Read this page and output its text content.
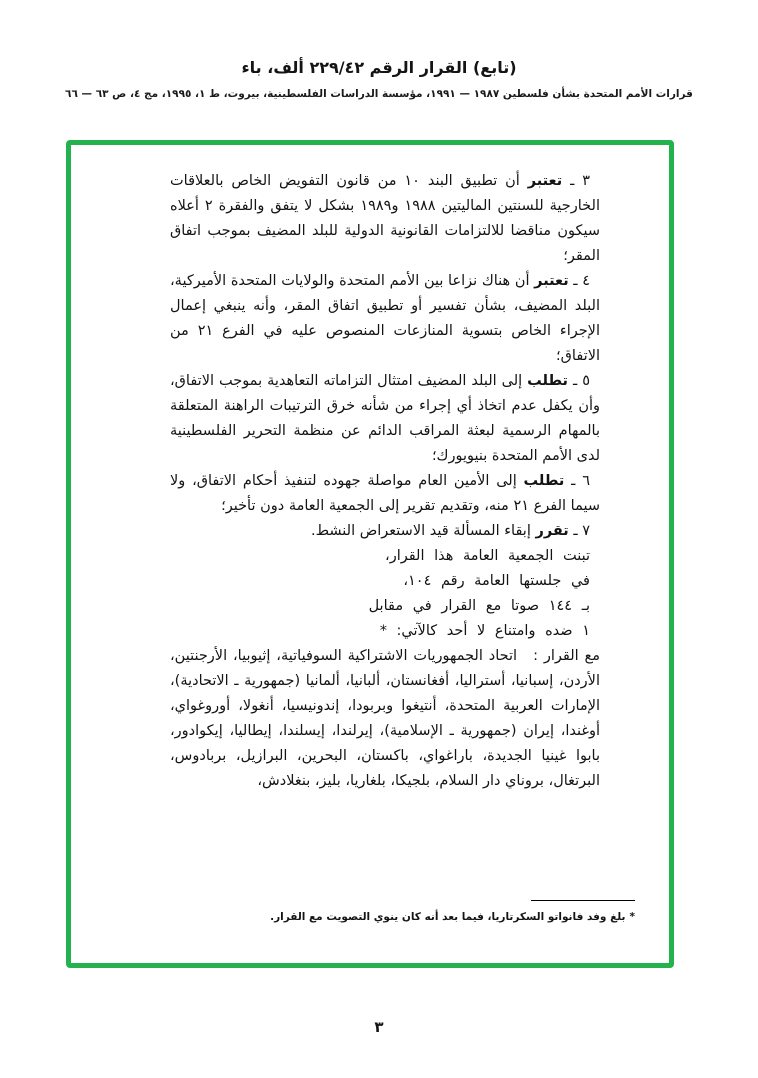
(تابع) القرار الرقم ٢٢٩/٤٢ ألف، باء
قرارات الأمم المتحدة بشأن فلسطين ١٩٨٧ — ١٩٩١، مؤسسة الدراسات الفلسطينية، بيروت، ط ١، ١٩٩٥، مج ٤، ص ٦٣ — ٦٦

٣ ـ تعتبر أن تطبيق البند ١٠ من قانون التفويض الخاص بالعلاقات الخارجية للسنتين الماليتين ١٩٨٨ و١٩٨٩ بشكل لا يتفق والفقرة ٢ أعلاه سيكون مناقضا للالتزامات القانونية الدولية للبلد المضيف بموجب اتفاق المقر؛

٤ ـ تعتبر أن هناك نزاعا بين الأمم المتحدة والولايات المتحدة الأميركية، البلد المضيف، بشأن تفسير أو تطبيق اتفاق المقر، وأنه ينبغي إعمال الإجراء الخاص بتسوية المنازعات المنصوص عليه في الفرع ٢١ من الاتفاق؛

٥ ـ تطلب إلى البلد المضيف امتثال التزاماته التعاهدية بموجب الاتفاق، وأن يكفل عدم اتخاذ أي إجراء من شأنه خرق الترتيبات الراهنة المتعلقة بالمهام الرسمية لبعثة المراقب الدائم عن منظمة التحرير الفلسطينية لدى الأمم المتحدة بنيويورك؛

٦ ـ تطلب إلى الأمين العام مواصلة جهوده لتنفيذ أحكام الاتفاق، ولا سيما الفرع ٢١ منه، وتقديم تقرير إلى الجمعية العامة دون تأخير؛

٧ ـ تقرر إبقاء المسألة قيد الاستعراض النشط.

تبنت الجمعية العامة هذا القرار،

في جلستها العامة رقم ١٠٤،

بـ ١٤٤ صوتا مع القرار في مقابل

١ ضده وامتناع لا أحد كالآتي: *

مع القرار :اتحاد الجمهوريات الاشتراكية السوفياتية، إثيوبيا، الأرجنتين، الأردن، إسبانيا، أستراليا، أفغانستان، ألبانيا، ألمانيا (جمهورية ـ الاتحادية)، الإمارات العربية المتحدة، أنتيغوا وبربودا، إندونيسيا، أنغولا، أوروغواي، أوغندا، إيران (جمهورية ـ الإسلامية)، إيرلندا، إيسلندا، إيطاليا، إيكوادور، بابوا غينيا الجديدة، باراغواي، باكستان، البحرين، البرازيل، بربادوس، البرتغال، بروناي دار السلام، بلجيكا، بلغاريا، بليز، بنغلادش،

*بلغ وفد فانواتو السكرتاريا، فيما بعد أنه كان ينوي التصويت مع القرار.
٣
